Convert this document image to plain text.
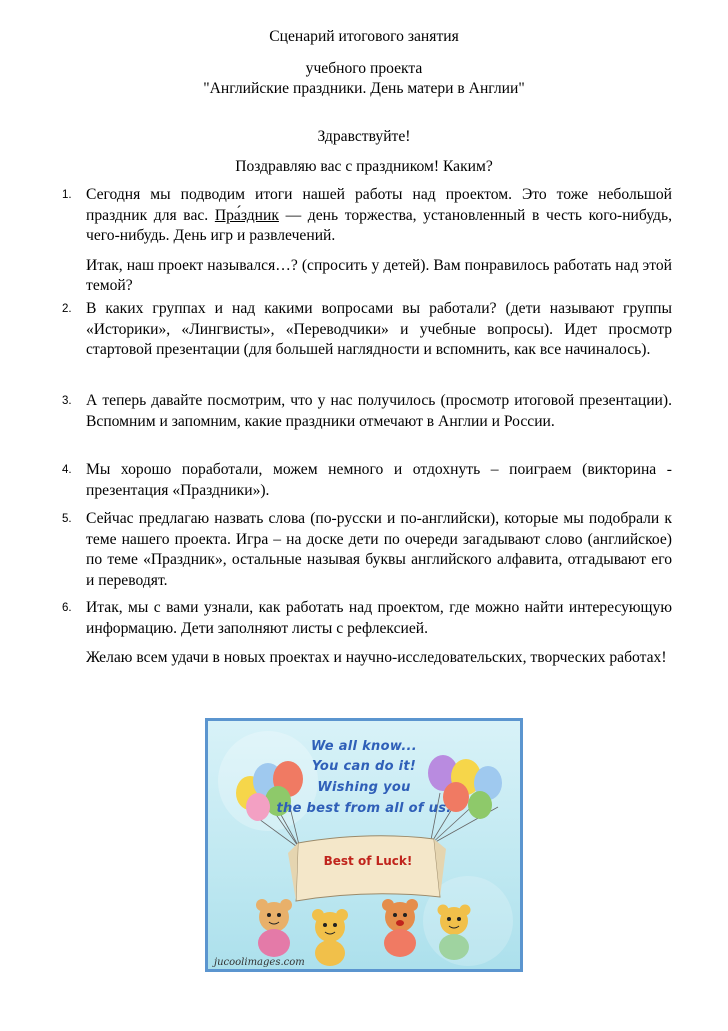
Сценарий итогового занятия
учебного проекта
"Английские праздники. День матери в Англии"
Здравствуйте!
Поздравляю вас с праздником! Каким?
1. Сегодня мы подводим итоги нашей работы над проектом. Это тоже небольшой праздник для вас. Пра́здник — день торжества, установленный в честь кого-нибудь, чего-нибудь. День игр и развлечений.

Итак, наш проект назывался…? (спросить у детей). Вам понравилось работать над этой темой?

2. В каких группах и над какими вопросами вы работали? (дети называют группы «Историки», «Лингвисты», «Переводчики» и учебные вопросы). Идет просмотр стартовой презентации (для большей наглядности и вспомнить, как все начиналось).

3. А теперь давайте посмотрим, что у нас получилось (просмотр итоговой презентации). Вспомним и запомним, какие праздники отмечают в Англии и России.

4. Мы хорошо поработали, можем немного и отдохнуть – поиграем (викторина - презентация «Праздники»).

5. Сейчас предлагаю назвать слова (по-русски и по-английски), которые мы подобрали к теме нашего проекта. Игра – на доске дети по очереди загадывают слово (английское) по теме «Праздник», остальные называя буквы английского алфавита, отгадывают его и переводят.

6. Итак, мы с вами узнали, как работать над проектом, где можно найти интересующую информацию. Дети заполняют листы с рефлексией.

Желаю всем удачи в новых проектах и научно-исследовательских, творческих работах!

We all know...
You can do it!
Wishing you
the best from all of us.
Best of Luck!
jucoolimages.com
